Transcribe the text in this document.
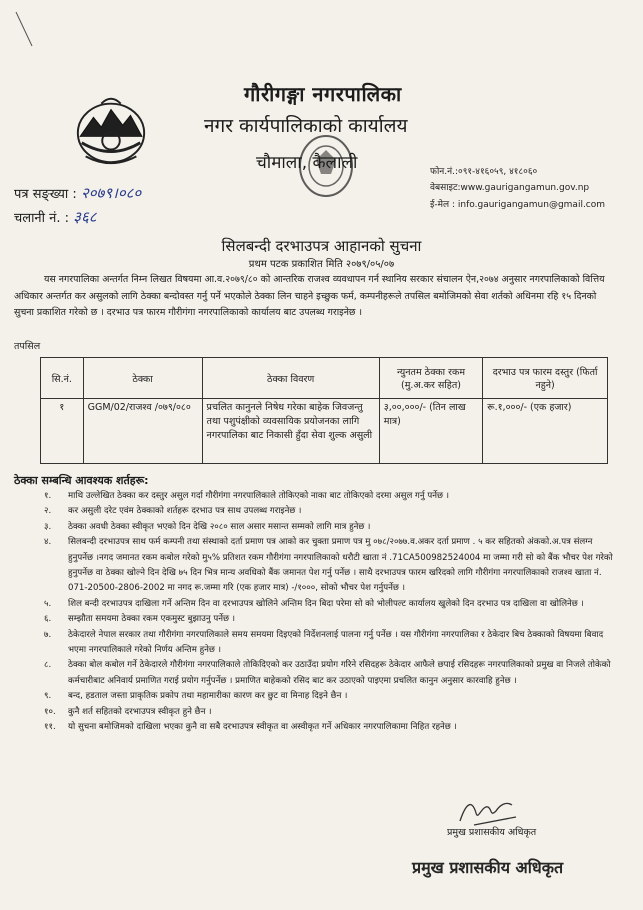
गौरीगङ्गा नगरपालिका
नगर कार्यपालिकाको कार्यालय
चौमाला, कैलाली	फोन.नं.:०९१-४१६०५९, ४१८०६०
वेबसाइट:www.gaurigangamun.gov.np
ई-मेल : info.gaurigangamun@gmail.com
पत्र सङ्ख्या : २०७९।०८०
चलानी नं. : ३६८
सिलबन्दी दरभाउपत्र आहानको सुचना
प्रथम पटक प्रकाशित मिति २०७९/०५/०७
यस नगरपालिका अन्तर्गत निम्न लिखत विषयमा आ.व.२०७९/८० को आन्तरिक राजश्व व्यवधापन गर्न स्थानिय सरकार संचालन ऐन,२०७४ अनुसार नगरपालिकाको वित्तिय अधिकार अन्तर्गत कर असुलको लागि ठेक्का बन्दोवस्त गर्नु पर्ने भएकोले ठेक्का लिन चाहने इच्छुक फर्म, कम्पनीहरूले तपसिल बमोजिमको सेवा शर्तको अधिनमा रहि १५ दिनको सुचना प्रकाशित गरेको छ । दरभाउ पत्र फारम गौरीगंगा नगरपालिकाको कार्यालय बाट उपलब्ध गराइनेछ ।
तपसिल
सि.नं.	ठेक्का	ठेक्का विवरण	न्युनतम ठेक्का रकम (मु.अ.कर सहित)	दरभाउ पत्र फारम दस्तुर (फिर्ता नहुने)
१	GGM/02/राजश्व /०७९/०८०	प्रचलित कानुनले निषेध गरेका बाहेक जिवजन्तु तथा पशुपंक्षीको व्यवसायिक प्रयोजनका लागि नगरपालिका बाट निकासी हुँदा सेवा शुल्क असुली	३,००,०००/- (तिन लाख मात्र)	रू.१,०००/- (एक हजार)
ठेक्का सम्बन्धि आवश्यक शर्तहरू:
१.	माथि उल्लेखित ठेक्का कर दस्तुर असुल गर्दा गौरीगंगा नगरपालिकाले तोकिएको नाका बाट तोकिएको दरमा असुल गर्नु पर्नेछ ।
२.	कर असुली दरेट एवंम ठेक्काको शर्तहरू दरभाउ पत्र साथ उपलब्ध गराइनेछ ।
३.	ठेक्का अवधी ठेक्का स्वीकृत भएको दिन देखि २०८० साल असार मसान्त सम्मको लागि मात्र हुनेछ ।
४.	सिलबन्दी दरभाउपत्र साथ फर्म कम्पनी तथा संस्थाको दर्ता प्रमाण पत्र आको कर चुक्ता प्रमाण पत्र मु ०७८/२०७७.व.अकर दर्ता प्रमाण . ५ कर सहितको अंकको.अ.पत्र संलग्न हुनुपर्नेछ ।नगद जमानत रकम कबोल गरेको मु५% प्रतिशत रकम गौरीगंगा नगरपालिकाको धरौटी खाता नं .71CA500982524004 मा जम्मा गरी सो को बैंक भौचर पेश गरेको हुनुपर्नेछ वा ठेक्का खोल्ने दिन देखि ७५ दिन भित्र मान्य अवधिको बैंक जमानत पेश गर्नु पर्नेछ । साथै दरभाउपत्र फारम खरिदको लागि गौरीगंगा नगरपालिकाको राजश्व खाता नं. 071-20500-2806-2002 मा नगद रू.जम्मा गरि (एक हजार मात्र) -/१०००, सोको भौचर पेश गर्नुपर्नेछ ।
५.	शिल बन्दी दरभाउपत्र दाखिला गर्ने अन्तिम दिन वा दरभाउपत्र खोलिने अन्तिम दिन बिदा परेमा सो को भोलीपल्ट कार्यालय खुलेको दिन दरभाउ पत्र दाखिला वा खोलिनेछ ।
६.	सम्झौता समयमा ठेक्का रकम एकमुस्ट बुझाउनु पर्नेछ ।
७.	ठेकेदारले नेपाल सरकार तथा गौरीगंगा नगरपालिकाले समय समयमा दिइएको निर्देशनलाई पालना गर्नु पर्नेछ । यस गौरीगंगा नगरपालिका र ठेकेदार बिच ठेक्काको विषयमा बिवाद भएमा नगरपालिकाले गरेको निर्णय अन्तिम हुनेछ ।
८.	ठेक्का बोल कबोल गर्ने ठेकेदारले गौरीगंगा नगरपालिकाले तोकिदिएको कर उठाउँदा प्रयोग गरिने रसिदहरू ठेकेदार आफैले छपाई रसिदहरू नगरपालिकाको प्रमुख वा निजले तोकेको कर्मचारीबाट अनिवार्य प्रमाणित गराई प्रयोग गर्नुपर्नेछ । प्रमाणित बाहेकको रसिद बाट कर उठाएको पाइएमा प्रचलित कानुन अनुसार कारवाहि हुनेछ ।
९.	बन्द, हडताल जस्ता प्राकृतिक प्रकोप तथा महामारीका कारण कर छुट वा मिनाह दिइने छैन ।
१०.	कुनै शर्त सहितको दरभाउपत्र स्वीकृत हुने छैन ।
११.	यो सुचना बमोजिमको दाखिला भएका कुनै वा सबै दरभाउपत्र स्वीकृत वा अस्वीकृत गर्ने अधिकार नगरपालिकामा निहित रहनेछ ।
प्रमुख प्रशासकीय अधिकृत
प्रमुख प्रशासकीय अधिकृत
